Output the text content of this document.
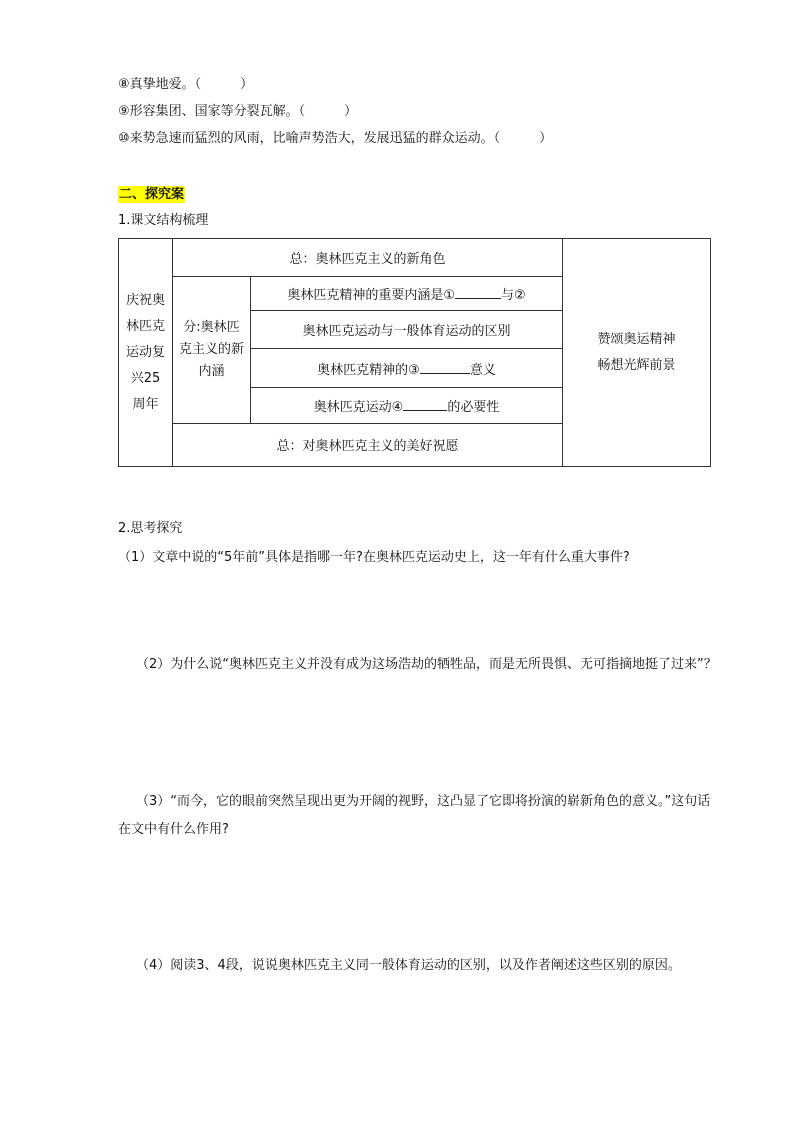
⑧真挚地爱。（　　　）
⑨形容集团、国家等分裂瓦解。（　　　）
⑩来势急速而猛烈的风雨，比喻声势浩大，发展迅猛的群众运动。（　　　）
二、探究案
1.课文结构梳理
庆祝奥林匹克运动复兴25周年	总：奥林匹克主义的新角色		赞颂奥运精神
畅想光辉前景

	分:奥林匹克主义的新内涵	奥林匹克精神的重要内涵是① 与②	
		奥林匹克运动与一般体育运动的区别	
		奥林匹克精神的③ 意义	
		奥林匹克运动④ 的必要性	
	总：对奥林匹克主义的美好祝愿		
2.思考探究
（1）文章中说的“5年前”具体是指哪一年?在奥林匹克运动史上，这一年有什么重大事件?
（2）为什么说“奥林匹克主义并没有成为这场浩劫的牺牲品，而是无所畏惧、无可指摘地挺了过来”？
（3）“而今，它的眼前突然呈现出更为开阔的视野，这凸显了它即将扮演的崭新角色的意义。”这句话在文中有什么作用?
（4）阅读3、4段，说说奥林匹克主义同一般体育运动的区别，以及作者阐述这些区别的原因。
